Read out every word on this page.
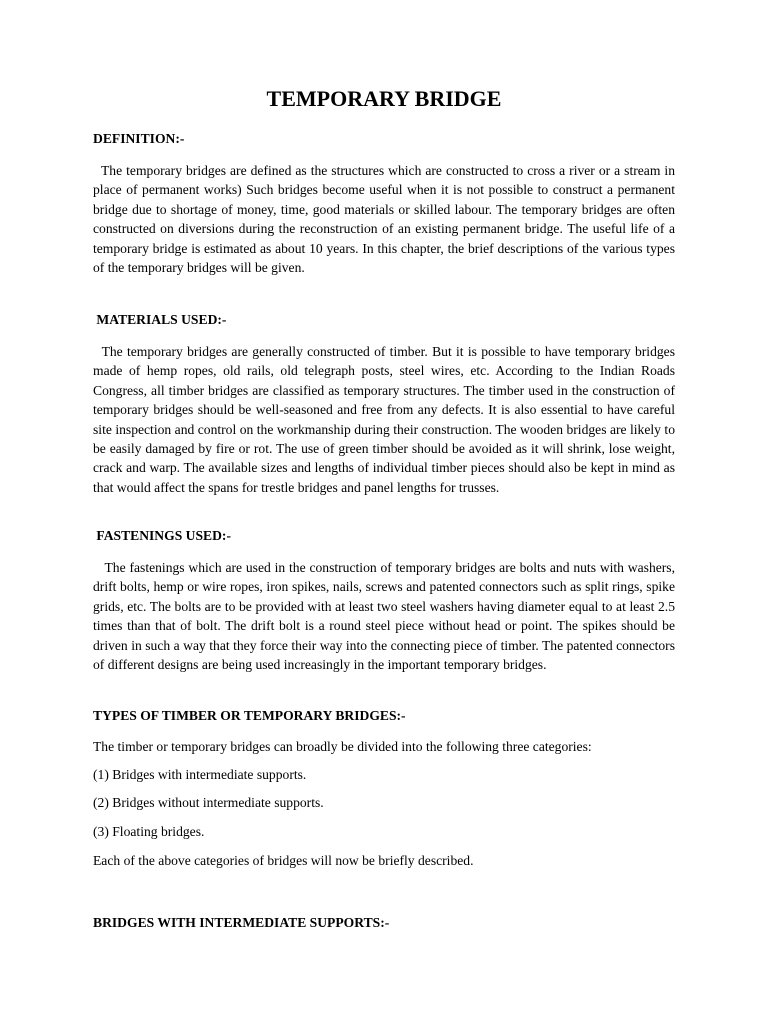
TEMPORARY BRIDGE
DEFINITION:-

The temporary bridges are defined as the structures which are constructed to cross a river or a stream in place of permanent works) Such bridges become useful when it is not possible to construct a permanent bridge due to shortage of money, time, good materials or skilled labour. The temporary bridges are often constructed on diversions during the reconstruction of an existing permanent bridge. The useful life of a temporary bridge is estimated as about 10 years. In this chapter, the brief descriptions of the various types of the temporary bridges will be given.

MATERIALS USED:-

The temporary bridges are generally constructed of timber. But it is possible to have temporary bridges made of hemp ropes, old rails, old telegraph posts, steel wires, etc. According to the Indian Roads Congress, all timber bridges are classified as temporary structures. The timber used in the construction of temporary bridges should be well-seasoned and free from any defects. It is also essential to have careful site inspection and control on the workmanship during their construction. The wooden bridges are likely to be easily damaged by fire or rot. The use of green timber should be avoided as it will shrink, lose weight, crack and warp. The available sizes and lengths of individual timber pieces should also be kept in mind as that would affect the spans for trestle bridges and panel lengths for trusses.

FASTENINGS USED:-

The fastenings which are used in the construction of temporary bridges are bolts and nuts with washers, drift bolts, hemp or wire ropes, iron spikes, nails, screws and patented connectors such as split rings, spike grids, etc. The bolts are to be provided with at least two steel washers having diameter equal to at least 2.5 times than that of bolt. The drift bolt is a round steel piece without head or point. The spikes should be driven in such a way that they force their way into the connecting piece of timber. The patented connectors of different designs are being used increasingly in the important temporary bridges.

TYPES OF TIMBER OR TEMPORARY BRIDGES:-

The timber or temporary bridges can broadly be divided into the following three categories:

(1) Bridges with intermediate supports.

(2) Bridges without intermediate supports.

(3) Floating bridges.

Each of the above categories of bridges will now be briefly described.

BRIDGES WITH INTERMEDIATE SUPPORTS:-
